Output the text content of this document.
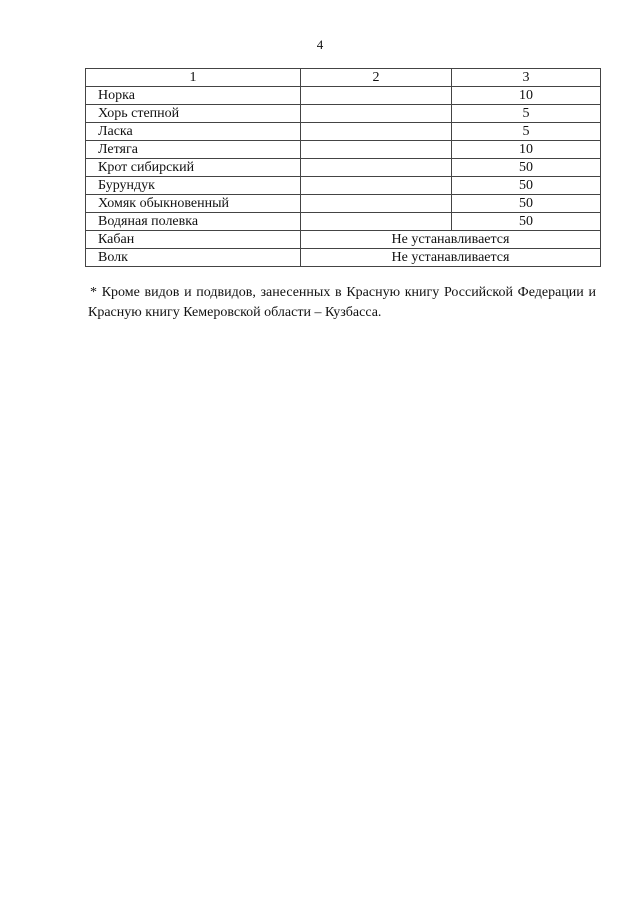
4
1	2	3
Норка		10
Хорь степной		5
Ласка		5
Летяга		10
Крот сибирский		50
Бурундук		50
Хомяк обыкновенный		50
Водяная полевка		50
Кабан	Не устанавливается	
Волк	Не устанавливается	
* Кроме видов и подвидов, занесенных в Красную книгу Российской Федерации и Красную книгу Кемеровской области – Кузбасса.
